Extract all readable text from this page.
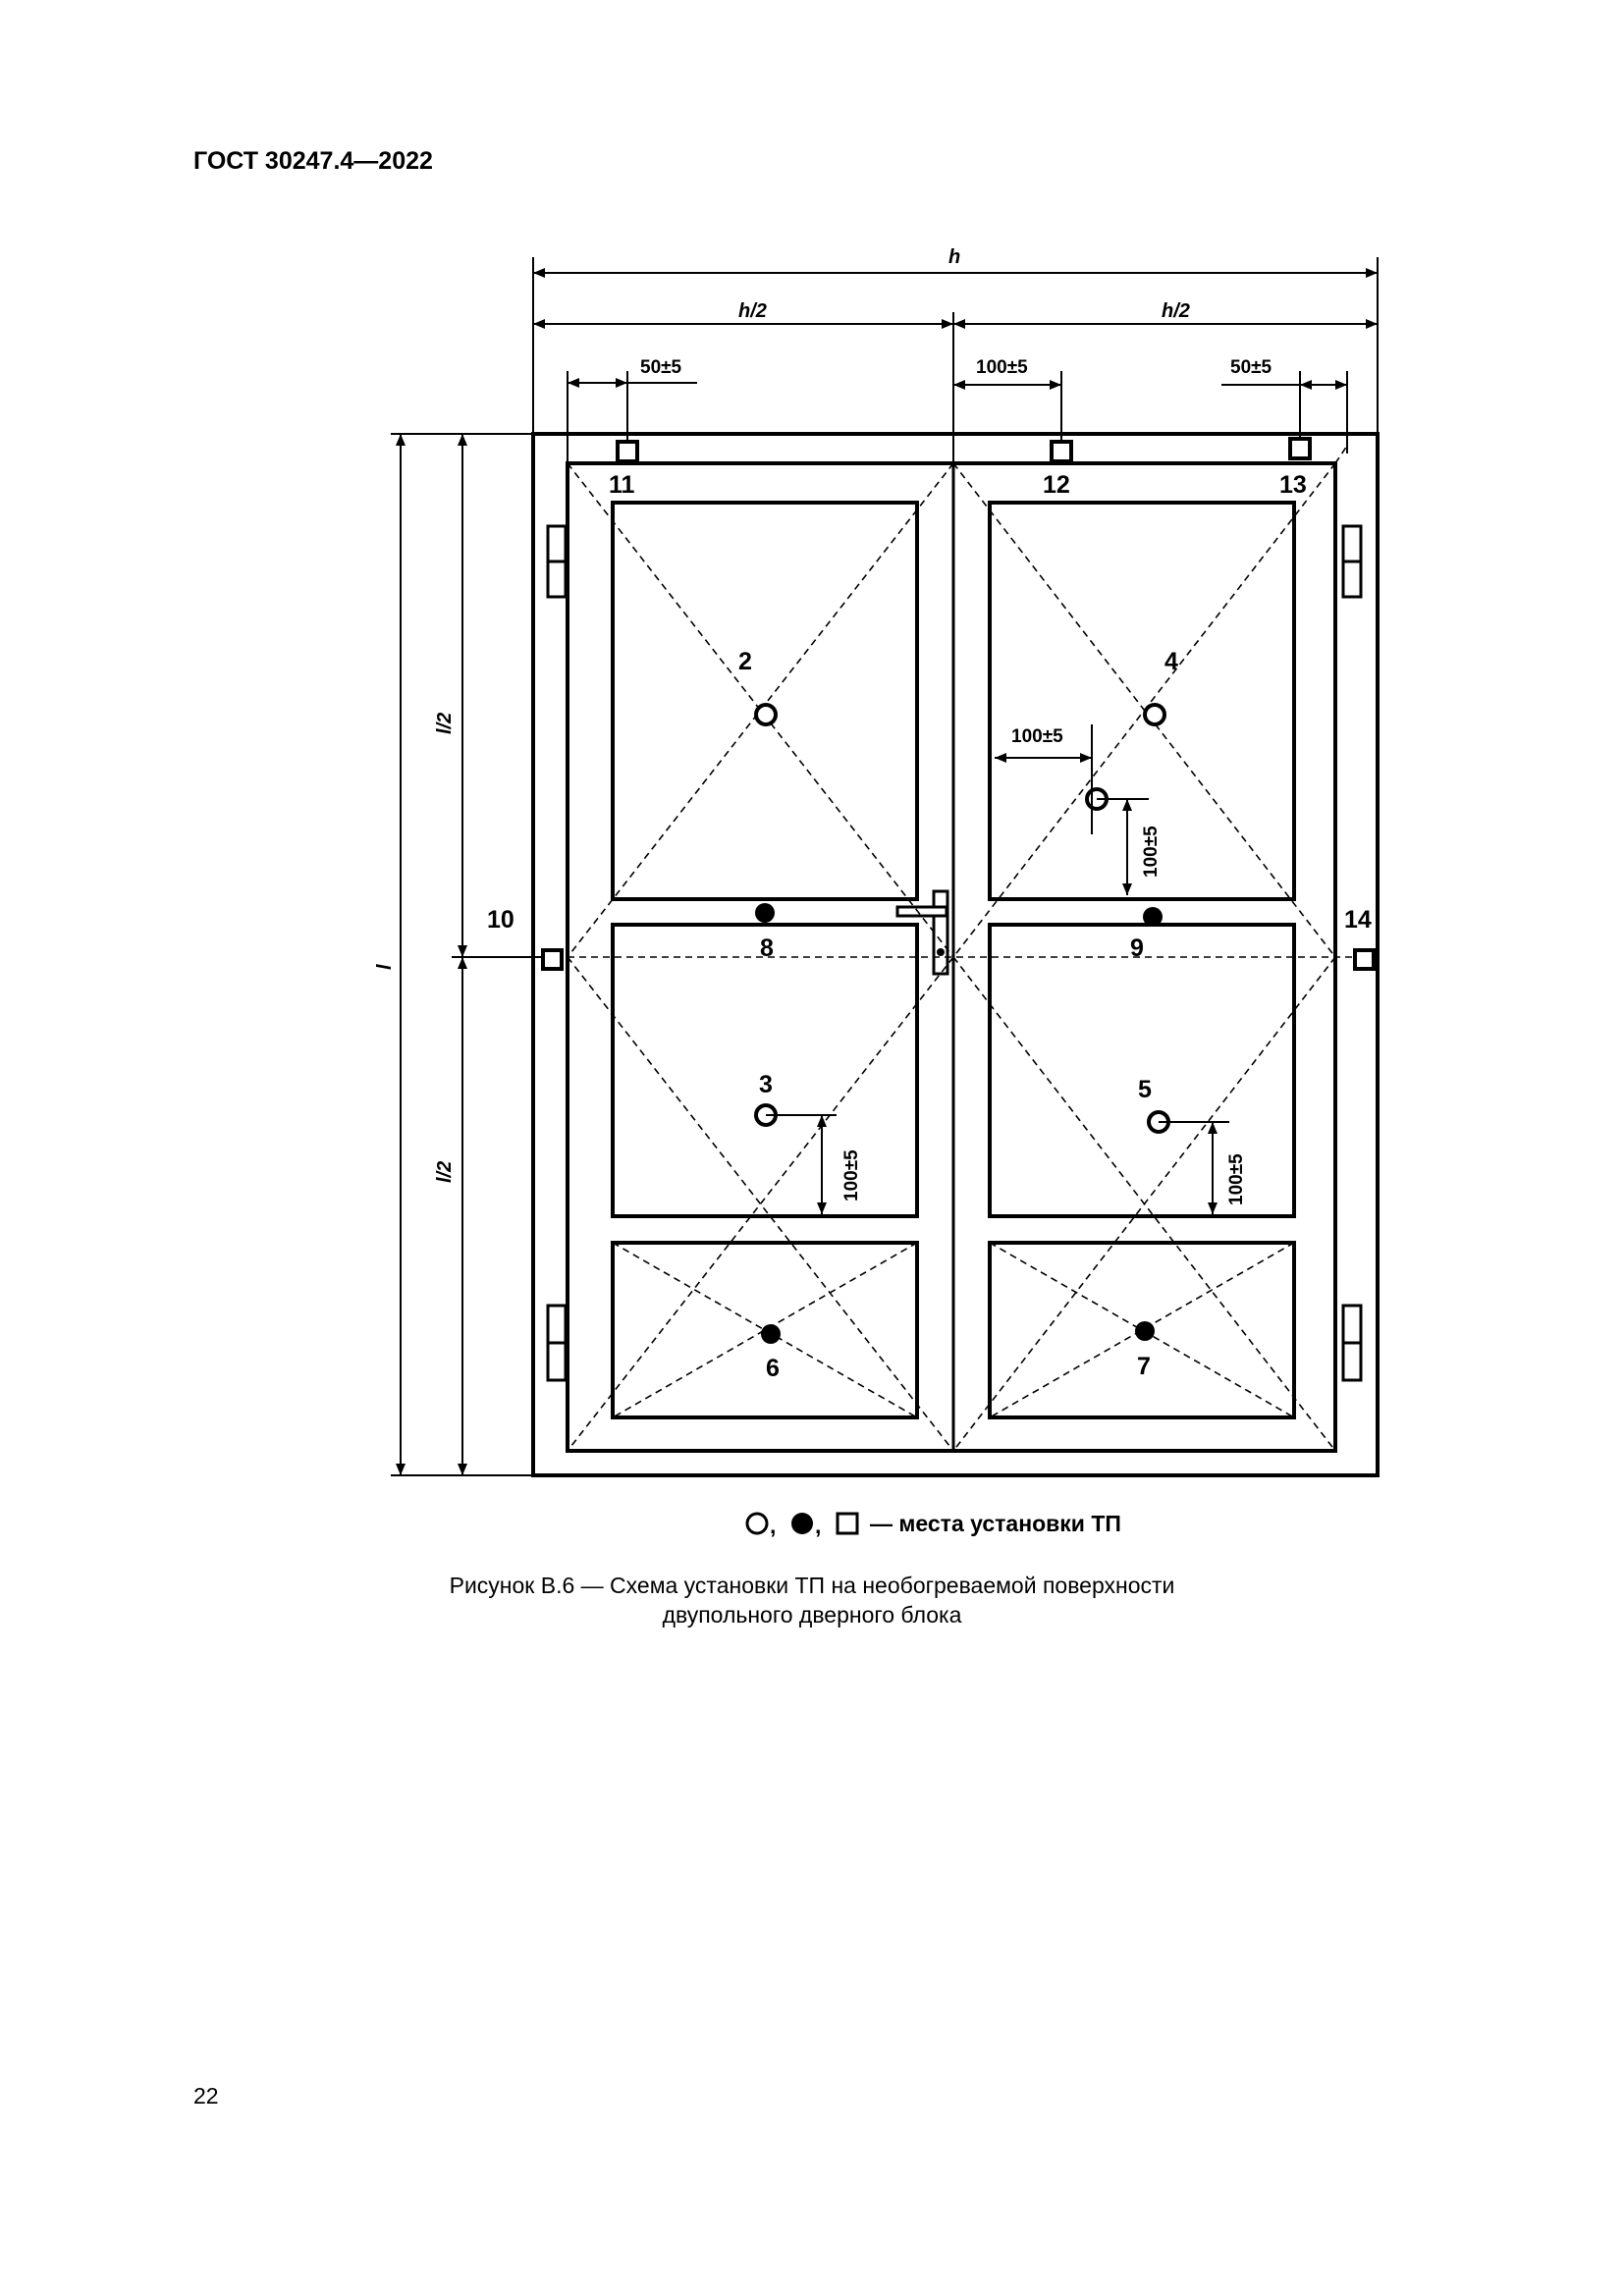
ГОСТ 30247.4—2022
2	4
8	9
3	5
6	7
10	14
11	12	13
h
h/2	h/2
50±5	100±5	50±5
l
l/2
l/2
100±5
100±5
100±5	100±5
, , — места установки ТП
Рисунок В.6 — Схема установки ТП на необогреваемой поверхности
двупольного дверного блока
22
